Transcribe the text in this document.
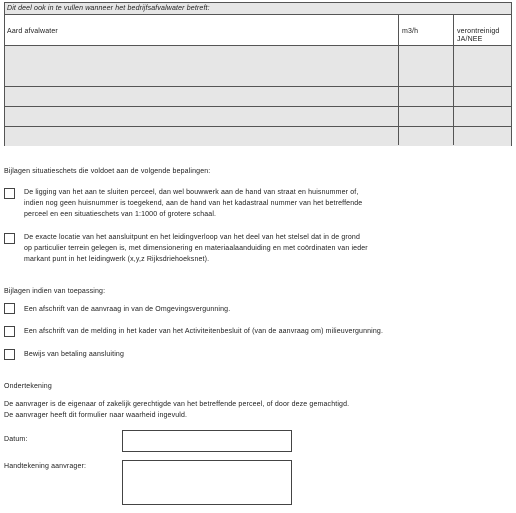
Dit deel ook in te vullen wanneer het bedrijfsafvalwater betreft:
Aard afvalwater	m3/h	verontreinigd
JA/NEE
Bijlagen situatieschets die voldoet aan de volgende bepalingen:
De ligging van het aan te sluiten perceel, dan wel bouwwerk aan de hand van straat en huisnummer of,
indien nog geen huisnummer is toegekend, aan de hand van het kadastraal nummer van het betreffende
perceel en een situatieschets van 1:1000 of grotere schaal.
De exacte locatie van het aansluitpunt en het leidingverloop van het deel van het stelsel dat in de grond
op particulier terrein gelegen is, met dimensionering en materiaalaanduiding en met coördinaten van ieder
markant punt in het leidingwerk (x,y,z Rijksdriehoeksnet).
Bijlagen indien van toepassing:
Een afschrift van de aanvraag in van de Omgevingsvergunning.
Een afschrift van de melding in het kader van het Activiteitenbesluit of (van de aanvraag om) milieuvergunning.
Bewijs van betaling aansluiting
Ondertekening
De aanvrager is de eigenaar of zakelijk gerechtigde van het betreffende perceel, of door deze gemachtigd.
De aanvrager heeft dit formulier naar waarheid ingevuld.
Datum:
Handtekening aanvrager:
